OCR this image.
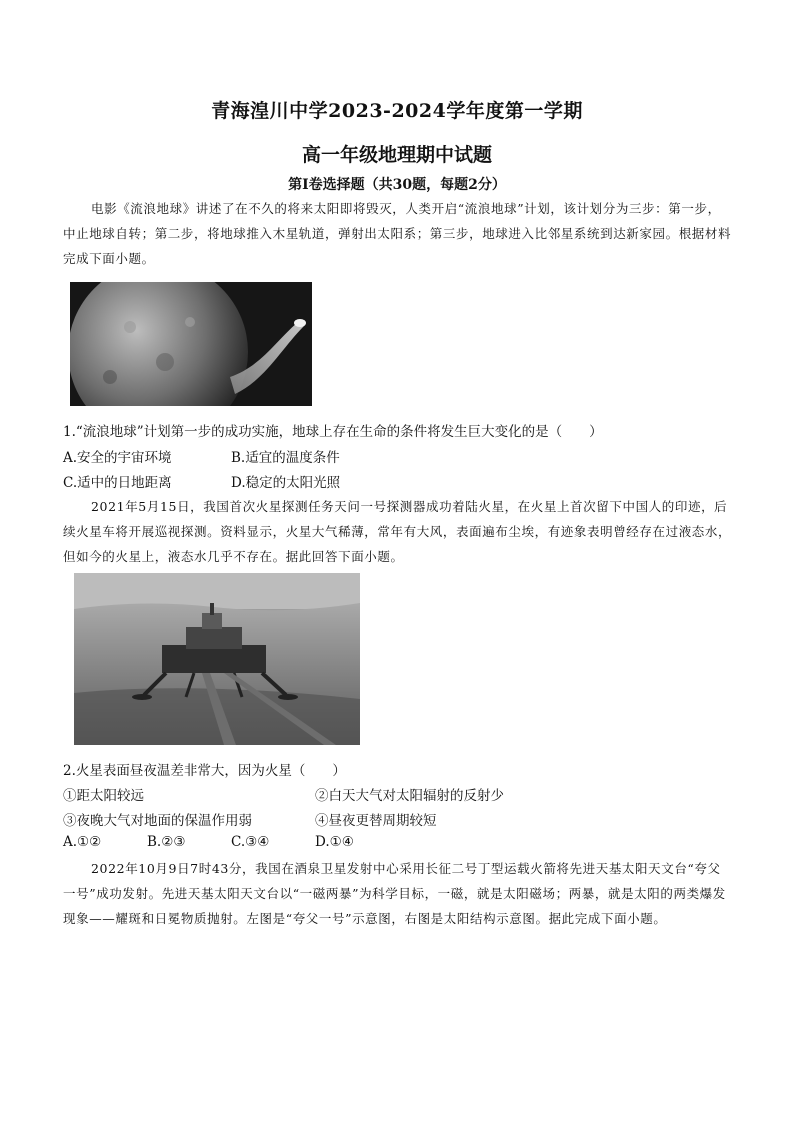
青海湟川中学2023-2024学年度第一学期
高一年级地理期中试题
第Ⅰ卷选择题（共30题，每题2分）
电影《流浪地球》讲述了在不久的将来太阳即将毁灭，人类开启“流浪地球”计划，该计划分为三步：第一步，中止地球自转；第二步，将地球推入木星轨道，弹射出太阳系；第三步，地球进入比邻星系统到达新家园。根据材料完成下面小题。
1.“流浪地球”计划第一步的成功实施，地球上存在生命的条件将发生巨大变化的是（　　）
A.安全的宇宙环境	B.适宜的温度条件
C.适中的日地距离	D.稳定的太阳光照
2021年5月15日，我国首次火星探测任务天问一号探测器成功着陆火星，在火星上首次留下中国人的印迹，后续火星车将开展巡视探测。资料显示，火星大气稀薄，常年有大风，表面遍布尘埃，有迹象表明曾经存在过液态水，但如今的火星上，液态水几乎不存在。据此回答下面小题。
2.火星表面昼夜温差非常大，因为火星（　　）
①距太阳较远	②白天大气对太阳辐射的反射少
③夜晚大气对地面的保温作用弱	④昼夜更替周期较短
A.①②	B.②③	C.③④	D.①④
2022年10月9日7时43分，我国在酒泉卫星发射中心采用长征二号丁型运载火箭将先进天基太阳天文台“夸父一号”成功发射。先进天基太阳天文台以“一磁两暴”为科学目标，一磁，就是太阳磁场；两暴，就是太阳的两类爆发现象——耀斑和日冕物质抛射。左图是“夸父一号”示意图，右图是太阳结构示意图。据此完成下面小题。
